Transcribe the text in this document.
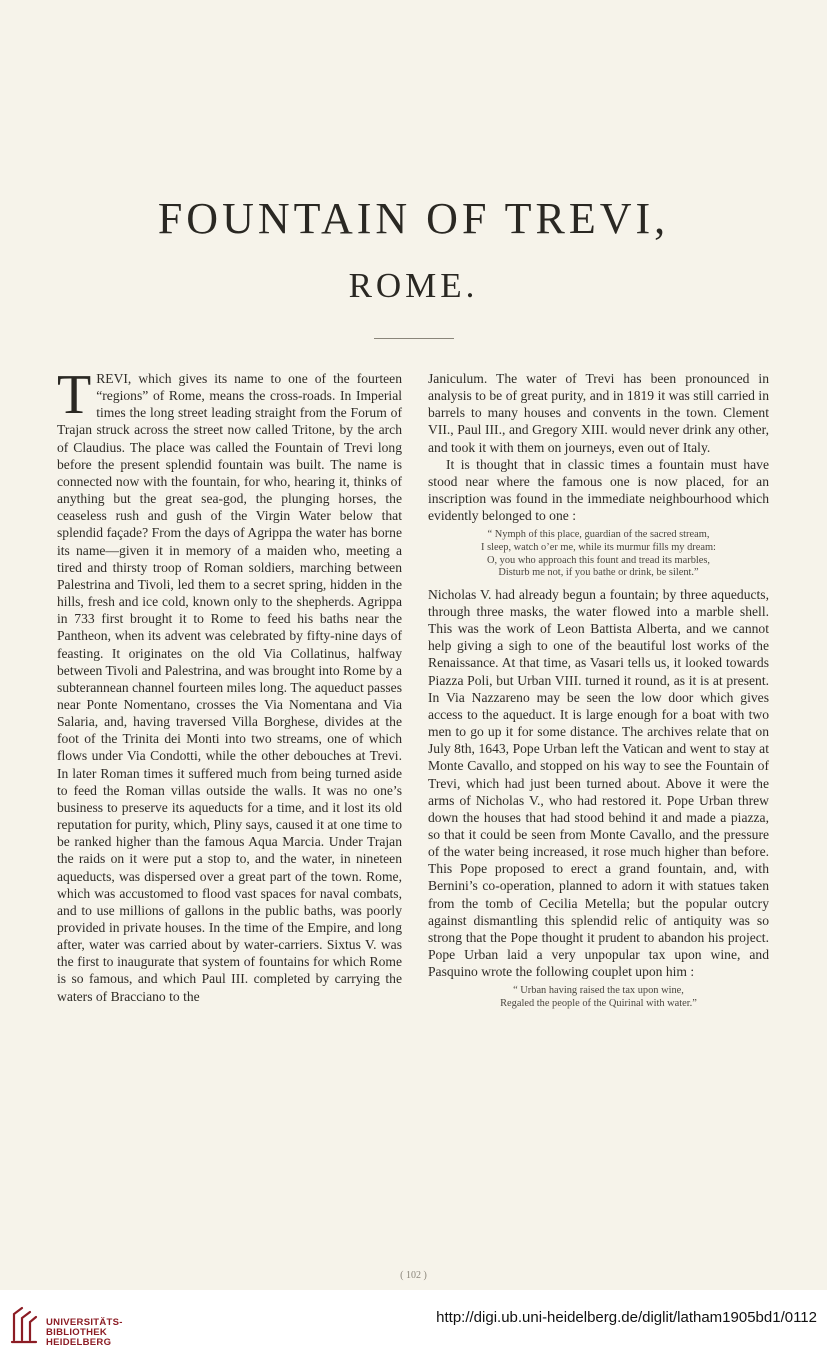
FOUNTAIN OF TREVI,
ROME.

TREVI, which gives its name to one of the fourteen “regions” of Rome, means the cross-roads. In Imperial times the long street leading straight from the Forum of Trajan struck across the street now called Tritone, by the arch of Claudius. The place was called the Fountain of Trevi long before the present splendid fountain was built. The name is connected now with the fountain, for who, hearing it, thinks of anything but the great sea-god, the plunging horses, the ceaseless rush and gush of the Virgin Water below that splendid façade? From the days of Agrippa the water has borne its name—given it in memory of a maiden who, meeting a tired and thirsty troop of Roman soldiers, marching between Palestrina and Tivoli, led them to a secret spring, hidden in the hills, fresh and ice cold, known only to the shepherds. Agrippa in 733 first brought it to Rome to feed his baths near the Pantheon, when its advent was celebrated by fifty-nine days of feasting. It originates on the old Via Collatinus, halfway between Tivoli and Palestrina, and was brought into Rome by a subterannean channel fourteen miles long. The aqueduct passes near Ponte Nomentano, crosses the Via Nomentana and Via Salaria, and, having traversed Villa Borghese, divides at the foot of the Trinita dei Monti into two streams, one of which flows under Via Condotti, while the other debouches at Trevi. In later Roman times it suffered much from being turned aside to feed the Roman villas outside the walls. It was no one’s business to preserve its aqueducts for a time, and it lost its old reputation for purity, which, Pliny says, caused it at one time to be ranked higher than the famous Aqua Marcia. Under Trajan the raids on it were put a stop to, and the water, in nineteen aqueducts, was dispersed over a great part of the town. Rome, which was accustomed to flood vast spaces for naval combats, and to use millions of gallons in the public baths, was poorly provided in private houses. In the time of the Empire, and long after, water was carried about by water-carriers. Sixtus V. was the first to inaugurate that system of fountains for which Rome is so famous, and which Paul III. completed by carrying the waters of Bracciano to the

Janiculum. The water of Trevi has been pronounced in analysis to be of great purity, and in 1819 it was still carried in barrels to many houses and convents in the town. Clement VII., Paul III., and Gregory XIII. would never drink any other, and took it with them on journeys, even out of Italy.

It is thought that in classic times a fountain must have stood near where the famous one is now placed, for an inscription was found in the immediate neighbourhood which evidently belonged to one :

“ Nymph of this place, guardian of the sacred stream,
I sleep, watch o’er me, while its murmur fills my dream:
O, you who approach this fount and tread its marbles,
Disturb me not, if you bathe or drink, be silent.”

Nicholas V. had already begun a fountain; by three aqueducts, through three masks, the water flowed into a marble shell. This was the work of Leon Battista Alberta, and we cannot help giving a sigh to one of the beautiful lost works of the Renaissance. At that time, as Vasari tells us, it looked towards Piazza Poli, but Urban VIII. turned it round, as it is at present. In Via Nazzareno may be seen the low door which gives access to the aqueduct. It is large enough for a boat with two men to go up it for some distance. The archives relate that on July 8th, 1643, Pope Urban left the Vatican and went to stay at Monte Cavallo, and stopped on his way to see the Fountain of Trevi, which had just been turned about. Above it were the arms of Nicholas V., who had restored it. Pope Urban threw down the houses that had stood behind it and made a piazza, so that it could be seen from Monte Cavallo, and the pressure of the water being increased, it rose much higher than before. This Pope proposed to erect a grand fountain, and, with Bernini’s co-operation, planned to adorn it with statues taken from the tomb of Cecilia Metella; but the popular outcry against dismantling this splendid relic of antiquity was so strong that the Pope thought it prudent to abandon his project. Pope Urban laid a very unpopular tax upon wine, and Pasquino wrote the following couplet upon him :

“ Urban having raised the tax upon wine,
Regaled the people of the Quirinal with water.”
( 102 )
UNIVERSITÄTS-
BIBLIOTHEK
HEIDELBERG
http://digi.ub.uni-heidelberg.de/diglit/latham1905bd1/0112
